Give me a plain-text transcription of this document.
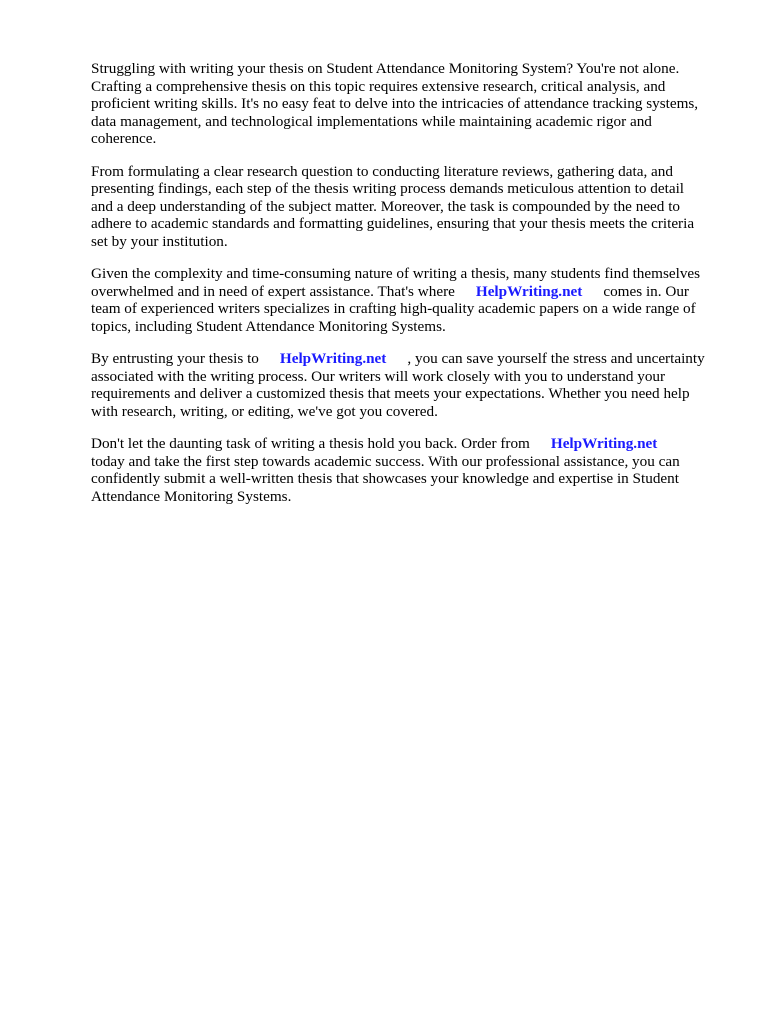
Struggling with writing your thesis on Student Attendance Monitoring System? You're not alone.
Crafting a comprehensive thesis on this topic requires extensive research, critical analysis, and
proficient writing skills. It's no easy feat to delve into the intricacies of attendance tracking systems,
data management, and technological implementations while maintaining academic rigor and
coherence.

From formulating a clear research question to conducting literature reviews, gathering data, and
presenting findings, each step of the thesis writing process demands meticulous attention to detail
and a deep understanding of the subject matter. Moreover, the task is compounded by the need to
adhere to academic standards and formatting guidelines, ensuring that your thesis meets the criteria
set by your institution.

Given the complexity and time-consuming nature of writing a thesis, many students find themselves
overwhelmed and in need of expert assistance. That's where HelpWriting.net comes in. Our
team of experienced writers specializes in crafting high-quality academic papers on a wide range of
topics, including Student Attendance Monitoring Systems.

By entrusting your thesis to HelpWriting.net , you can save yourself the stress and uncertainty
associated with the writing process. Our writers will work closely with you to understand your
requirements and deliver a customized thesis that meets your expectations. Whether you need help
with research, writing, or editing, we've got you covered.

Don't let the daunting task of writing a thesis hold you back. Order from HelpWriting.net
today and take the first step towards academic success. With our professional assistance, you can
confidently submit a well-written thesis that showcases your knowledge and expertise in Student
Attendance Monitoring Systems.
